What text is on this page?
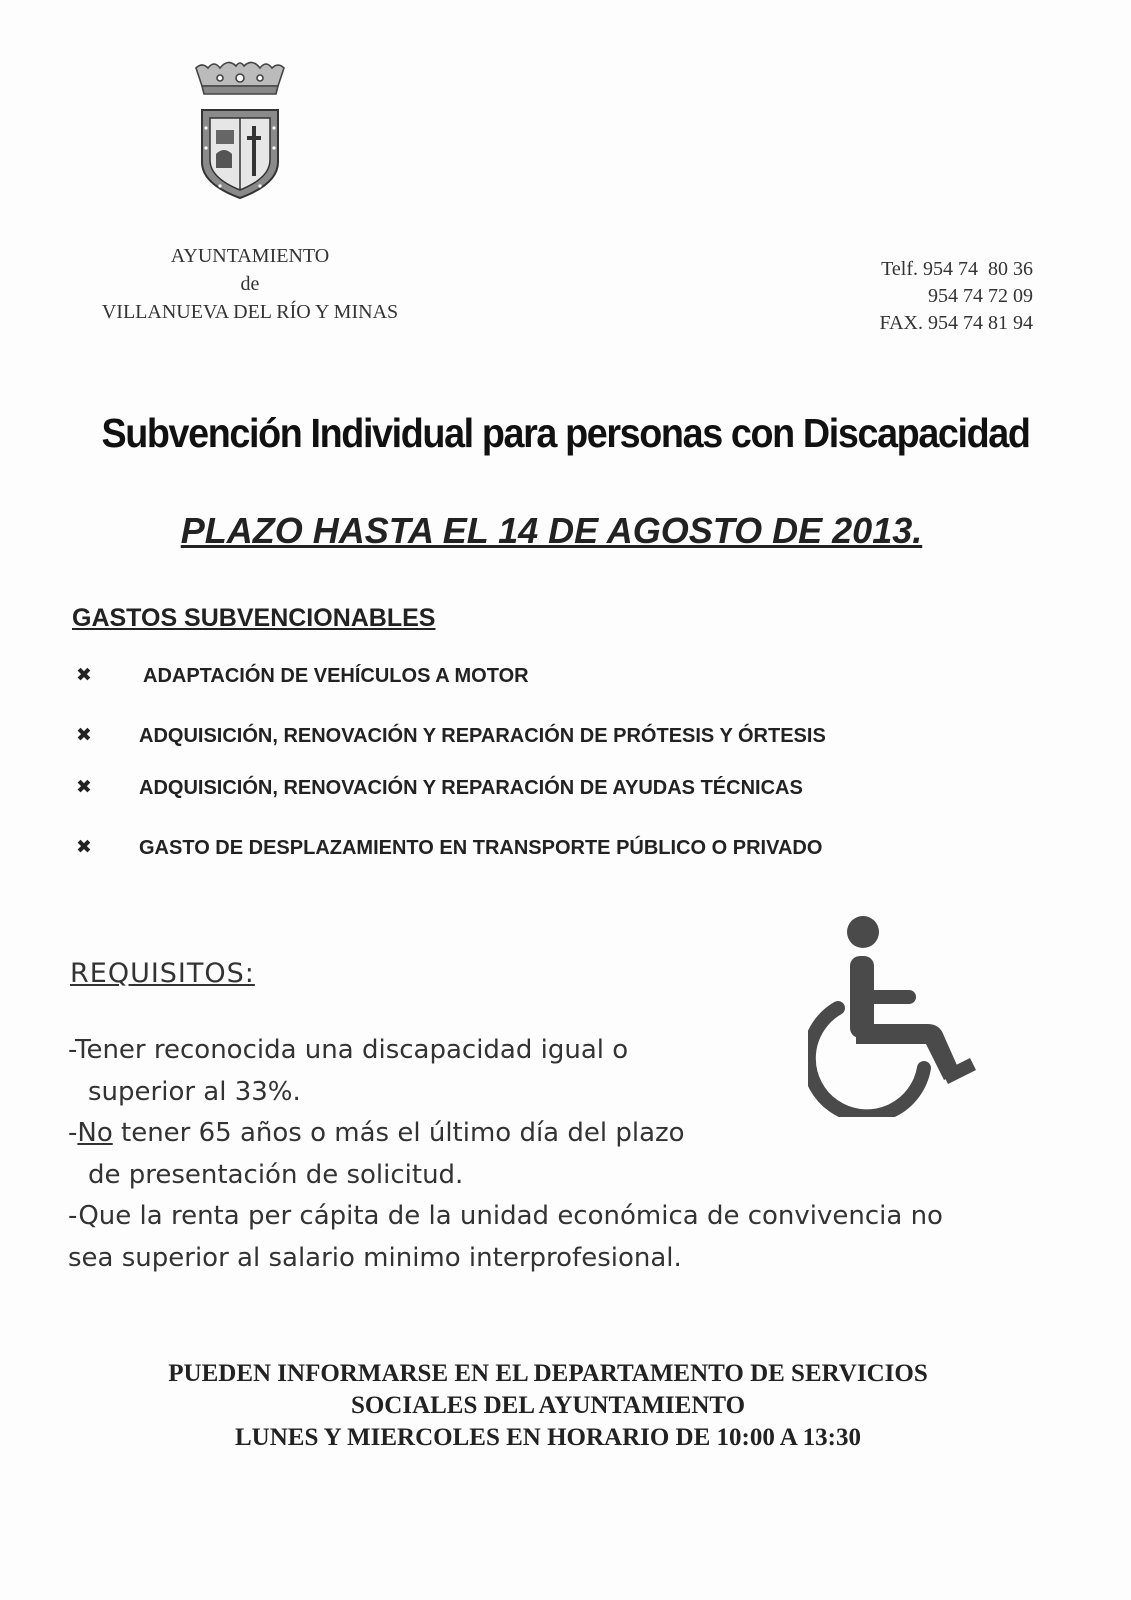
AYUNTAMIENTO
de
VILLANUEVA DEL RÍO Y MINAS
Telf. 954 74  80 36
954 74 72 09
FAX. 954 74 81 94
Subvención Individual para personas con Discapacidad
PLAZO HASTA EL 14 DE AGOSTO DE 2013.
GASTOS SUBVENCIONABLES
✖	ADAPTACIÓN DE VEHÍCULOS A MOTOR
✖ ADQUISICIÓN, RENOVACIÓN Y REPARACIÓN DE PRÓTESIS Y ÓRTESIS
✖ ADQUISICIÓN, RENOVACIÓN Y REPARACIÓN DE AYUDAS TÉCNICAS
✖ GASTO DE DESPLAZAMIENTO EN TRANSPORTE PÚBLICO O PRIVADO
REQUISITOS:
-Tener reconocida una discapacidad igual o
superior al 33%.
-No tener 65 años o más el último día del plazo
de presentación de solicitud.
-Que la renta per cápita de la unidad económica de convivencia no
sea superior al salario minimo interprofesional.
PUEDEN INFORMARSE EN EL DEPARTAMENTO DE SERVICIOS
SOCIALES DEL AYUNTAMIENTO
LUNES Y MIERCOLES EN HORARIO DE 10:00 A 13:30
